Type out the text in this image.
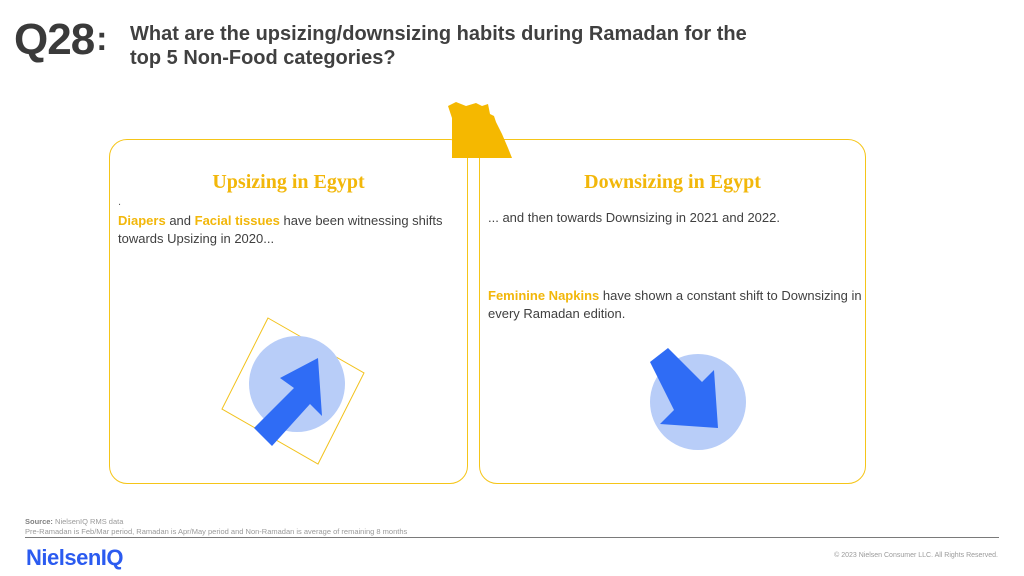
Q28: What are the upsizing/downsizing habits during Ramadan for the top 5 Non-Food categories?
Upsizing in Egypt
.
Diapers and Facial tissues have been witnessing shifts towards Upsizing in 2020...
Downsizing in Egypt
... and then towards Downsizing in 2021 and 2022.
Feminine Napkins have shown a constant shift to Downsizing in every Ramadan edition.
Source: NielsenIQ RMS data
Pre-Ramadan is Feb/Mar period, Ramadan is Apr/May period and Non-Ramadan is average of remaining 8 months
NielsenIQ	© 2023 Nielsen Consumer LLC. All Rights Reserved.
